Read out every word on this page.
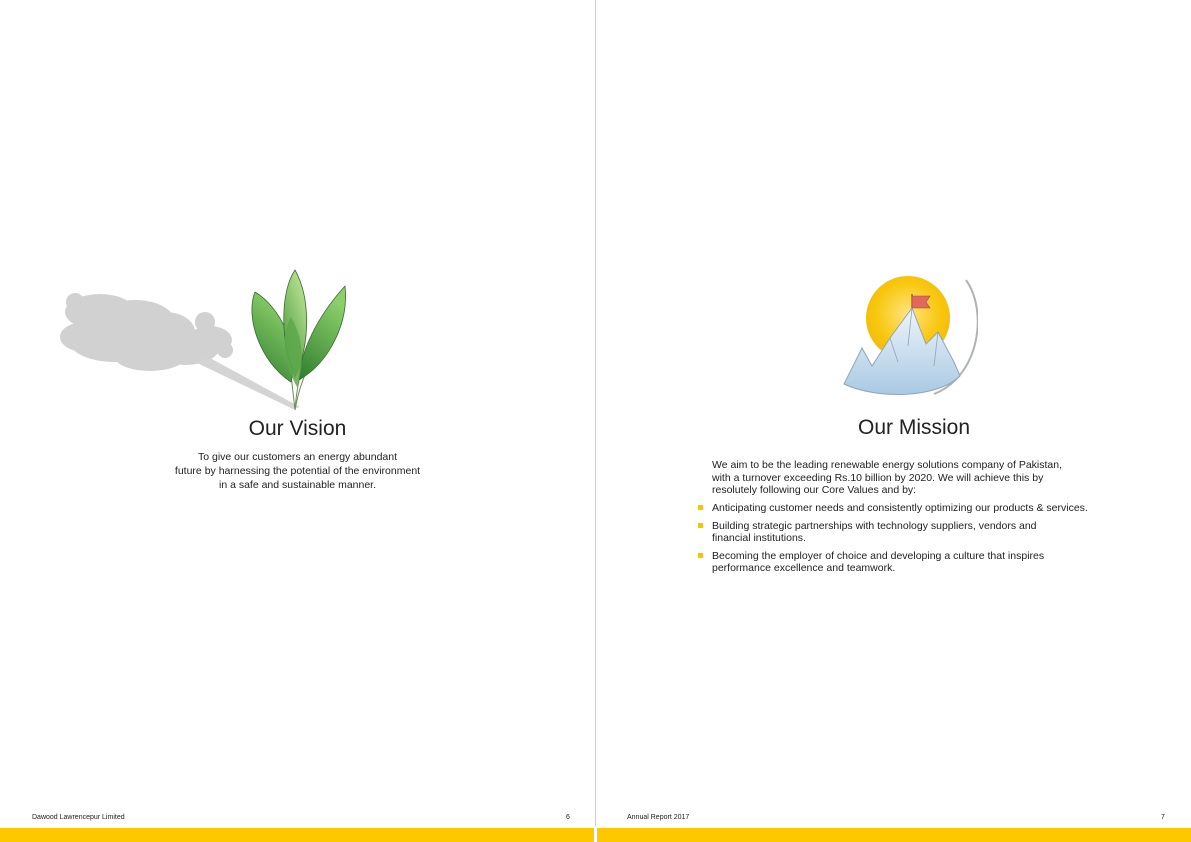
Our Vision
To give our customers an energy abundant
future by harnessing the potential of the environment
in a safe and sustainable manner.
Our Mission
We aim to be the leading renewable energy solutions company of Pakistan,
with a turnover exceeding Rs.10 billion by 2020. We will achieve this by
resolutely following our Core Values and by:
Anticipating customer needs and consistently optimizing our products & services.
Building strategic partnerships with technology suppliers, vendors and
financial institutions.
Becoming the employer of choice and developing a culture that inspires
performance excellence and teamwork.
Dawood Lawrencepur Limited	6	Annual Report 2017	7
